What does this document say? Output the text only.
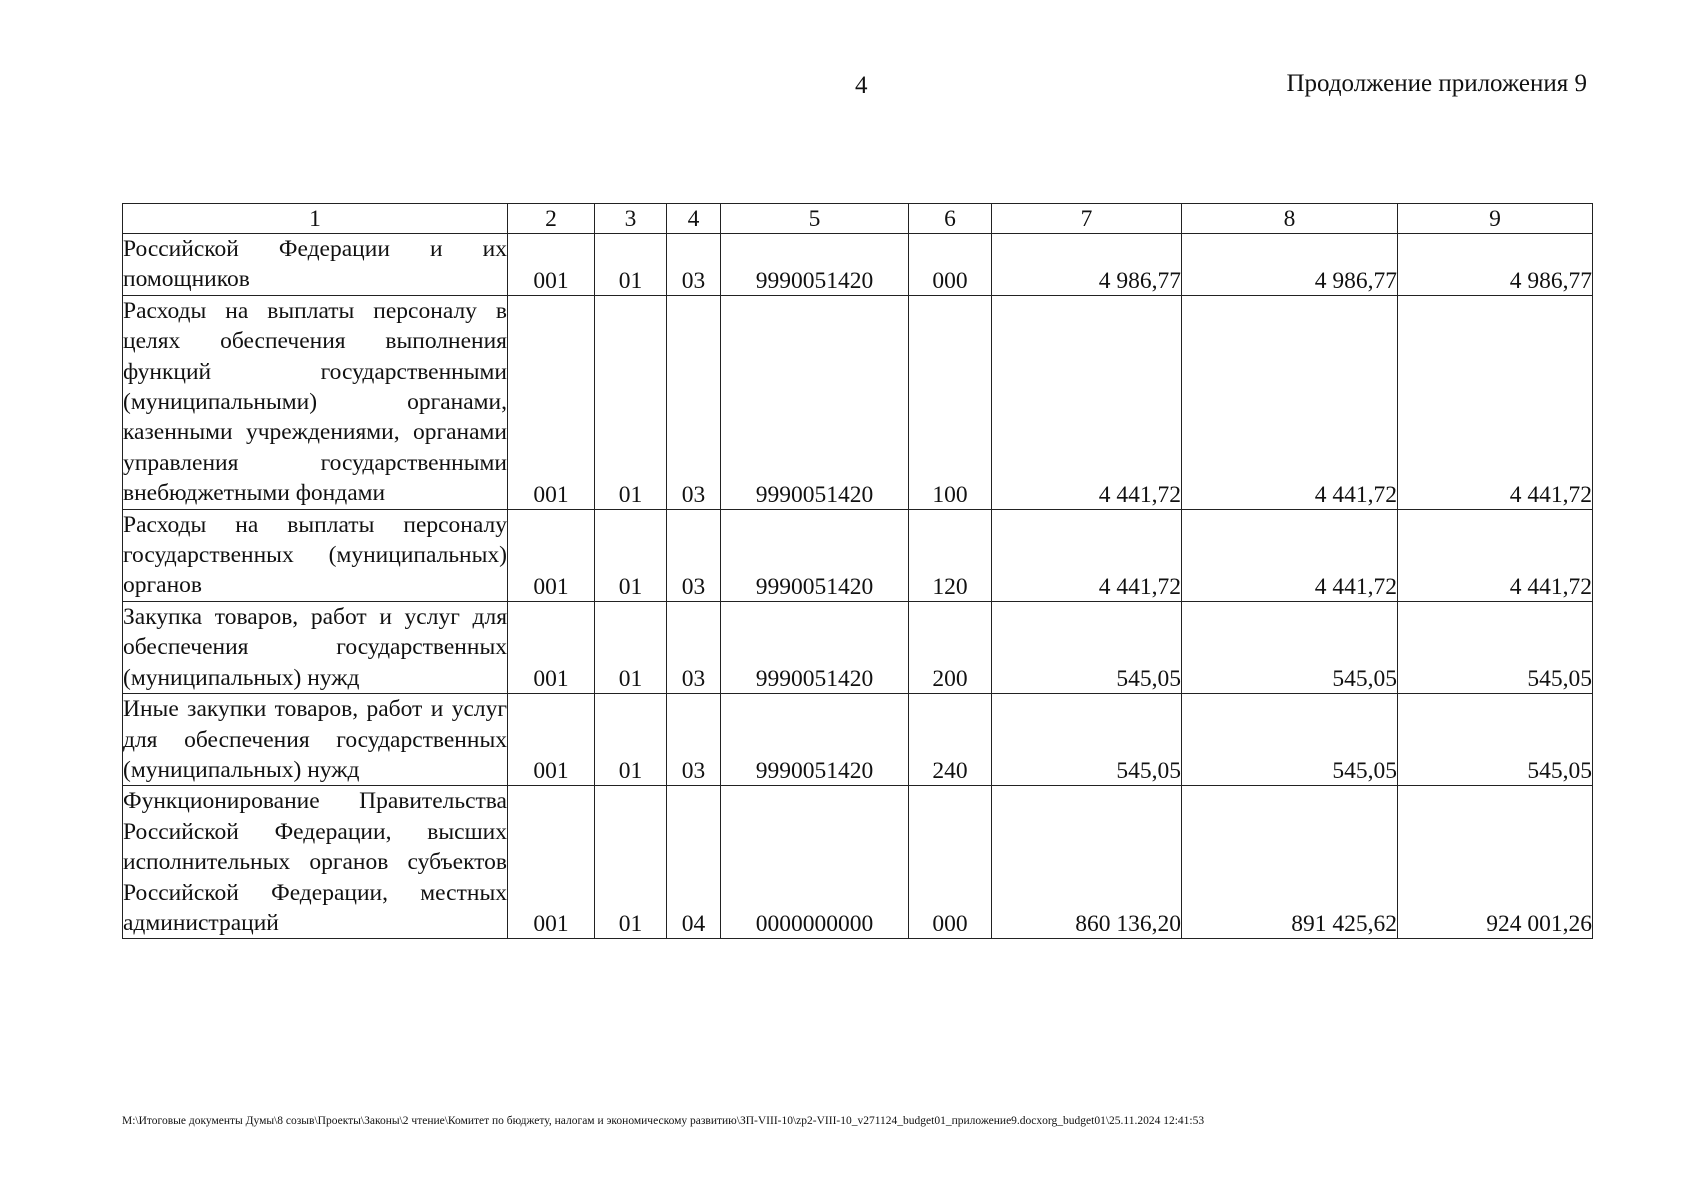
4	Продолжение приложения 9
1	2	3	4	5	6	7	8	9
Российской Федерации и их помощников	001	01	03	9990051420	000	4 986,77	4 986,77	4 986,77
Расходы на выплаты персоналу в целях обеспечения выполнения функций государственными (муниципальными) органами, казенными учреждениями, органами управления государственными внебюджетными фондами	001	01	03	9990051420	100	4 441,72	4 441,72	4 441,72
Расходы на выплаты персоналу государственных (муниципальных) органов	001	01	03	9990051420	120	4 441,72	4 441,72	4 441,72
Закупка товаров, работ и услуг для обеспечения государственных (муниципальных) нужд	001	01	03	9990051420	200	545,05	545,05	545,05
Иные закупки товаров, работ и услуг для обеспечения государственных (муниципальных) нужд	001	01	03	9990051420	240	545,05	545,05	545,05
Функционирование Правительства Российской Федерации, высших исполнительных органов субъектов Российской Федерации, местных администраций	001	01	04	0000000000	000	860 136,20	891 425,62	924 001,26
M:\Итоговые документы Думы\8 созыв\Проекты\Законы\2 чтение\Комитет по бюджету, налогам и экономическому развитию\ЗП-VIII-10\zp2-VIII-10_v271124_budget01_приложение9.docxorg_budget01\25.11.2024 12:41:53
